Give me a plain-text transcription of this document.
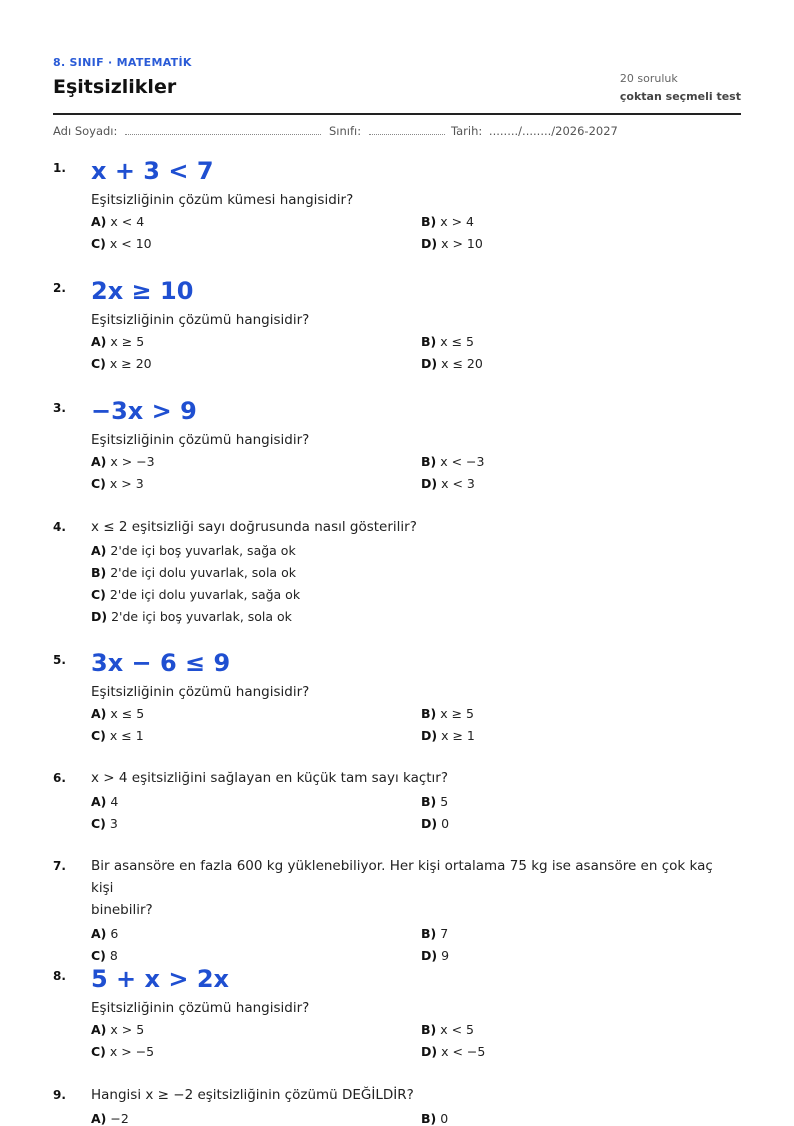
8. SINIF · MATEMATİK
Eşitsizlikler	20 soruluk
çoktan seçmeli test
Adı Soyadı:	Sınıfı:	Tarih: ......../......../2026-2027
1. x + 3 < 7
Eşitsizliğinin çözüm kümesi hangisidir?
A) x < 4	B) x > 4
C) x < 10	D) x > 10
2. 2x ≥ 10
Eşitsizliğinin çözümü hangisidir?
A) x ≥ 5	B) x ≤ 5
C) x ≥ 20	D) x ≤ 20
3. −3x > 9
Eşitsizliğinin çözümü hangisidir?
A) x > −3	B) x < −3
C) x > 3	D) x < 3
4. x ≤ 2 eşitsizliği sayı doğrusunda nasıl gösterilir?
A) 2'de içi boş yuvarlak, sağa ok
B) 2'de içi dolu yuvarlak, sola ok
C) 2'de içi dolu yuvarlak, sağa ok
D) 2'de içi boş yuvarlak, sola ok
5. 3x − 6 ≤ 9
Eşitsizliğinin çözümü hangisidir?
A) x ≤ 5	B) x ≥ 5
C) x ≤ 1	D) x ≥ 1
6. x > 4 eşitsizliğini sağlayan en küçük tam sayı kaçtır?
A) 4	B) 5
C) 3	D) 0
7. Bir asansöre en fazla 600 kg yüklenebiliyor. Her kişi ortalama 75 kg ise asansöre en çok kaç kişi
binebilir?
A) 6	B) 7
C) 8	D) 9
8. 5 + x > 2x
Eşitsizliğinin çözümü hangisidir?
A) x > 5	B) x < 5
C) x > −5	D) x < −5
9. Hangisi x ≥ −2 eşitsizliğinin çözümü DEĞİLDİR?
A) −2	B) 0
